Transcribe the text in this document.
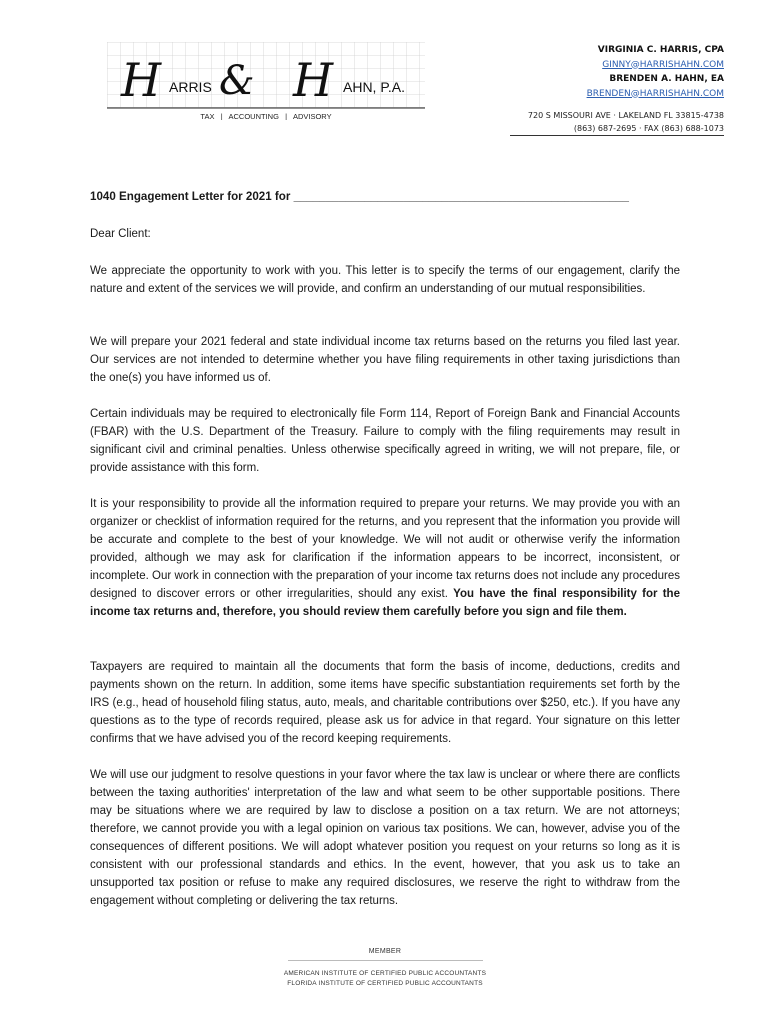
H ARRIS & H AHN, P.A.
TAX   |   ACCOUNTING   |   ADVISORY
VIRGINIA C. HARRIS, CPA
GINNY@HARRISHAHN.COM
BRENDEN A. HAHN, EA
BRENDEN@HARRISHAHN.COM
720 S MISSOURI AVE · LAKELAND FL 33815-4738
(863) 687-2695 · FAX (863) 688-1073
1040 Engagement Letter for 2021 for ____________________________________________________
Dear Client:

We appreciate the opportunity to work with you. This letter is to specify the terms of our engagement, clarify the nature and extent of the services we will provide, and confirm an understanding of our mutual responsibilities.

We will prepare your 2021 federal and state individual income tax returns based on the returns you filed last year. Our services are not intended to determine whether you have filing requirements in other taxing jurisdictions than the one(s) you have informed us of.

Certain individuals may be required to electronically file Form 114, Report of Foreign Bank and Financial Accounts (FBAR) with the U.S. Department of the Treasury. Failure to comply with the filing requirements may result in significant civil and criminal penalties. Unless otherwise specifically agreed in writing, we will not prepare, file, or provide assistance with this form.

It is your responsibility to provide all the information required to prepare your returns. We may provide you with an organizer or checklist of information required for the returns, and you represent that the information you provide will be accurate and complete to the best of your knowledge. We will not audit or otherwise verify the information provided, although we may ask for clarification if the information appears to be incorrect, inconsistent, or incomplete. Our work in connection with the preparation of your income tax returns does not include any procedures designed to discover errors or other irregularities, should any exist. You have the final responsibility for the income tax returns and, therefore, you should review them carefully before you sign and file them.

Taxpayers are required to maintain all the documents that form the basis of income, deductions, credits and payments shown on the return. In addition, some items have specific substantiation requirements set forth by the IRS (e.g., head of household filing status, auto, meals, and charitable contributions over $250, etc.). If you have any questions as to the type of records required, please ask us for advice in that regard. Your signature on this letter confirms that we have advised you of the record keeping requirements.

We will use our judgment to resolve questions in your favor where the tax law is unclear or where there are conflicts between the taxing authorities' interpretation of the law and what seem to be other supportable positions. There may be situations where we are required by law to disclose a position on a tax return. We are not attorneys; therefore, we cannot provide you with a legal opinion on various tax positions. We can, however, advise you of the consequences of different positions. We will adopt whatever position you request on your returns so long as it is consistent with our professional standards and ethics. In the event, however, that you ask us to take an unsupported tax position or refuse to make any required disclosures, we reserve the right to withdraw from the engagement without completing or delivering the tax returns.

MEMBER
AMERICAN INSTITUTE OF CERTIFIED PUBLIC ACCOUNTANTS
FLORIDA INSTITUTE OF CERTIFIED PUBLIC ACCOUNTANTS
